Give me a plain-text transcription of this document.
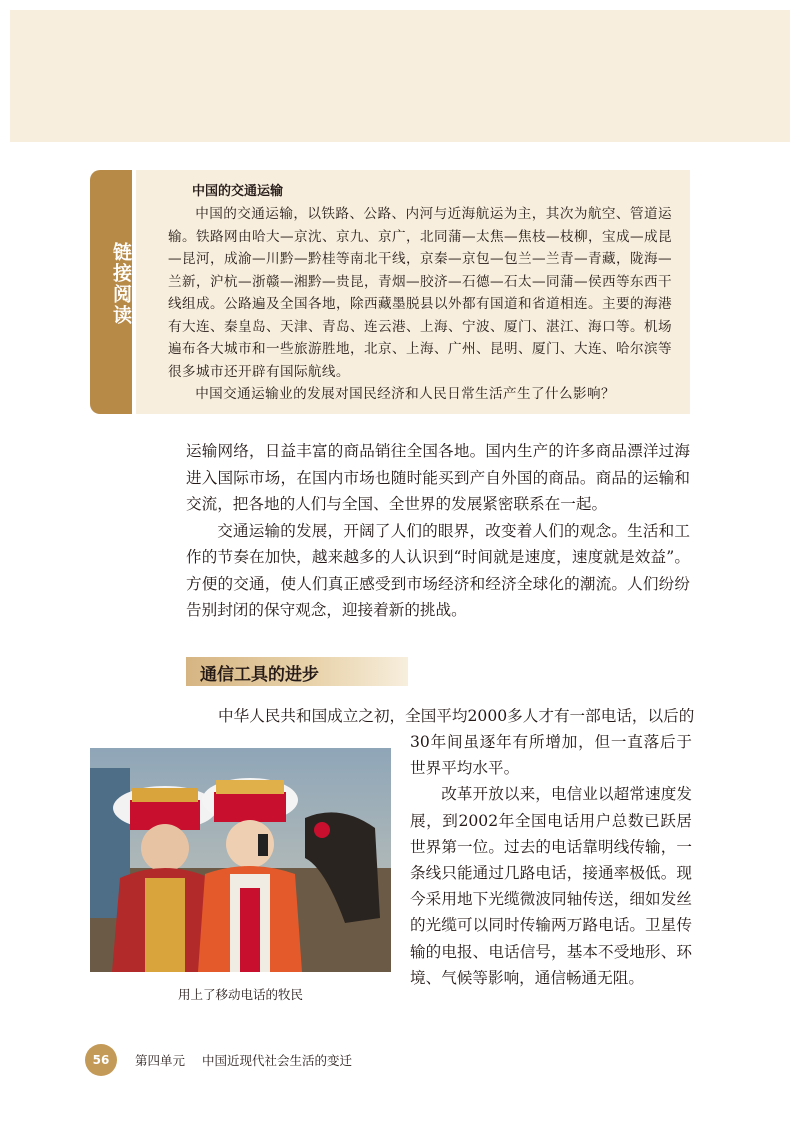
链接阅读
中国的交通运输

中国的交通运输，以铁路、公路、内河与近海航运为主，其次为航空、管道运输。铁路网由哈大—京沈、京九、京广，北同蒲—太焦—焦枝—枝柳，宝成—成昆—昆河，成渝—川黔—黔桂等南北干线，京秦—京包—包兰—兰青—青藏，陇海—兰新，沪杭—浙赣—湘黔—贵昆，青烟—胶济—石德—石太—同蒲—侯西等东西干线组成。公路遍及全国各地，除西藏墨脱县以外都有国道和省道相连。主要的海港有大连、秦皇岛、天津、青岛、连云港、上海、宁波、厦门、湛江、海口等。机场遍布各大城市和一些旅游胜地，北京、上海、广州、昆明、厦门、大连、哈尔滨等很多城市还开辟有国际航线。

中国交通运输业的发展对国民经济和人民日常生活产生了什么影响？

运输网络，日益丰富的商品销往全国各地。国内生产的许多商品漂洋过海进入国际市场，在国内市场也随时能买到产自外国的商品。商品的运输和交流，把各地的人们与全国、全世界的发展紧密联系在一起。

交通运输的发展，开阔了人们的眼界，改变着人们的观念。生活和工作的节奏在加快，越来越多的人认识到“时间就是速度，速度就是效益”。方便的交通，使人们真正感受到市场经济和经济全球化的潮流。人们纷纷告别封闭的保守观念，迎接着新的挑战。

通信工具的进步
中华人民共和国成立之初，全国平均2000多人才有一部电话，以后的

30年间虽逐年有所增加，但一直落后于世界平均水平。

改革开放以来，电信业以超常速度发展，到2002年全国电话用户总数已跃居世界第一位。过去的电话靠明线传输，一条线只能通过几路电话，接通率极低。现今采用地下光缆微波同轴传送，细如发丝的光缆可以同时传输两万路电话。卫星传输的电报、电话信号，基本不受地形、环境、气候等影响，通信畅通无阻。

用上了移动电话的牧民
56	第四单元 中国近现代社会生活的变迁
